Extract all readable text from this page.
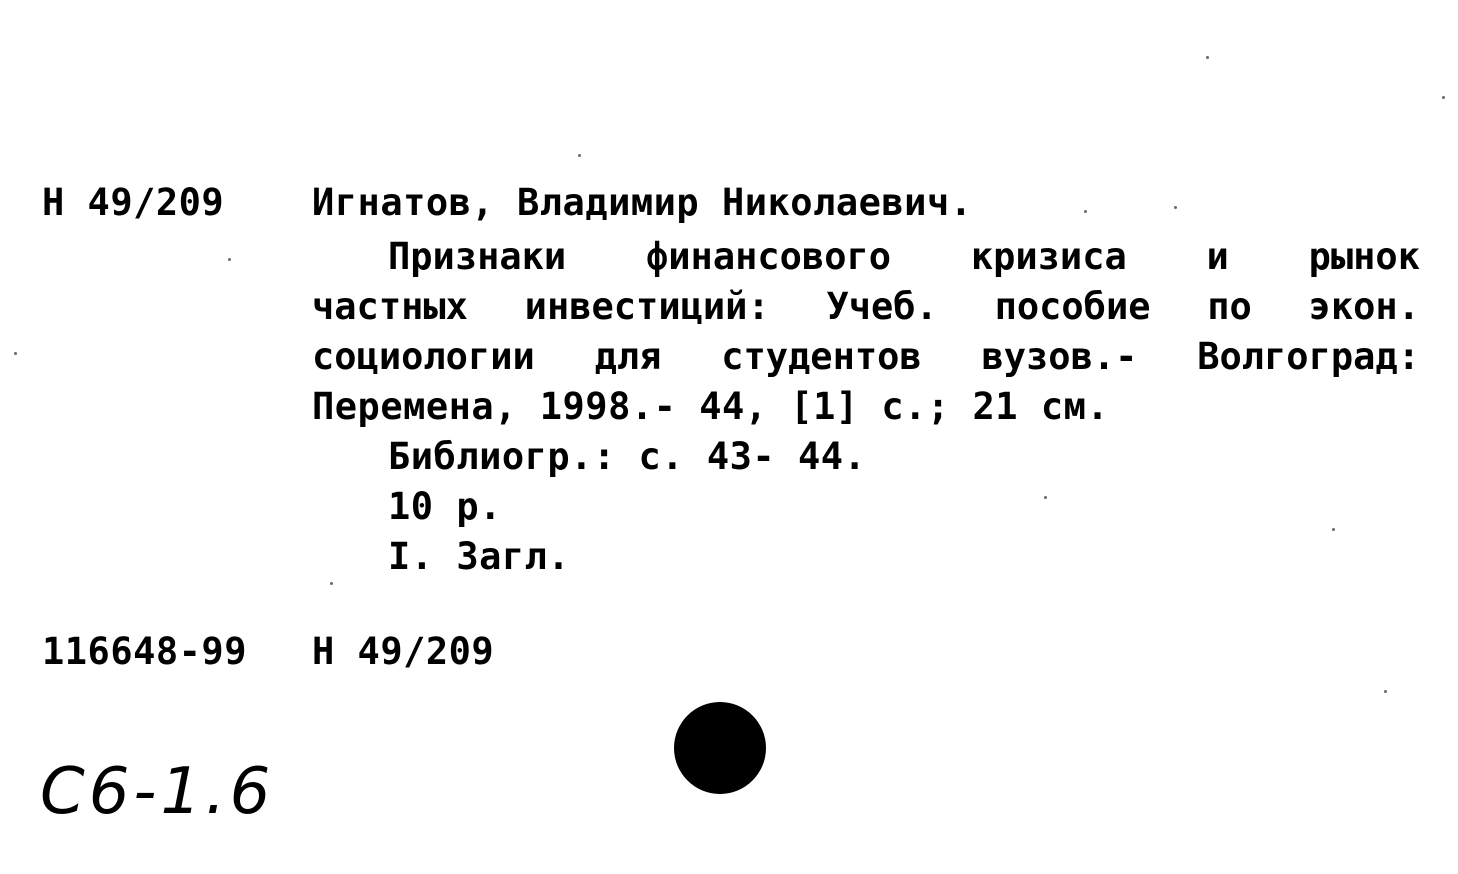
Н 49/209 Игнатов, Владимир Николаевич.
Признаки финансового кризиса и рынок
частных инвестиций: Учеб. пособие по экон.
социологии для студентов вузов.- Волгоград:
Перемена, 1998.- 44, [1] с.; 21 см.
Библиогр.: с. 43- 44.
10 р.
I. Загл.
116648-99 Н 49/209
С6-1.6
